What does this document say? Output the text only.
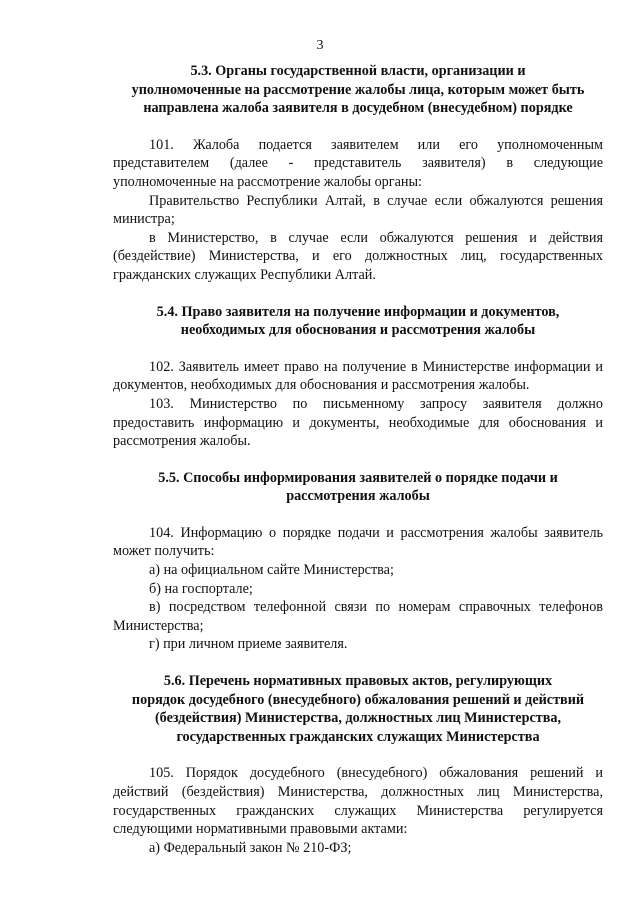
3
5.3. Органы государственной власти, организации и
уполномоченные на рассмотрение жалобы лица, которым может быть
направлена жалоба заявителя в досудебном (внесудебном) порядке

101. Жалоба подается заявителем или его уполномоченным представителем (далее - представитель заявителя) в следующие уполномоченные на рассмотрение жалобы органы:

Правительство Республики Алтай, в случае если обжалуются решения министра;

в Министерство, в случае если обжалуются решения и действия (бездействие) Министерства, и его должностных лиц, государственных гражданских служащих Республики Алтай.

5.4. Право заявителя на получение информации и документов,
необходимых для обоснования и рассмотрения жалобы

102. Заявитель имеет право на получение в Министерстве информации и документов, необходимых для обоснования и рассмотрения жалобы.

103. Министерство по письменному запросу заявителя должно предоставить информацию и документы, необходимые для обоснования и рассмотрения жалобы.

5.5. Способы информирования заявителей о порядке подачи и
рассмотрения жалобы

104. Информацию о порядке подачи и рассмотрения жалобы заявитель может получить:

а) на официальном сайте Министерства;

б) на госпортале;

в) посредством телефонной связи по номерам справочных телефонов Министерства;

г) при личном приеме заявителя.

5.6. Перечень нормативных правовых актов, регулирующих
порядок досудебного (внесудебного) обжалования решений и действий
(бездействия) Министерства, должностных лиц Министерства,
государственных гражданских служащих Министерства

105. Порядок досудебного (внесудебного) обжалования решений и действий (бездействия) Министерства, должностных лиц Министерства, государственных гражданских служащих Министерства регулируется следующими нормативными правовыми актами:

а) Федеральный закон № 210-ФЗ;
